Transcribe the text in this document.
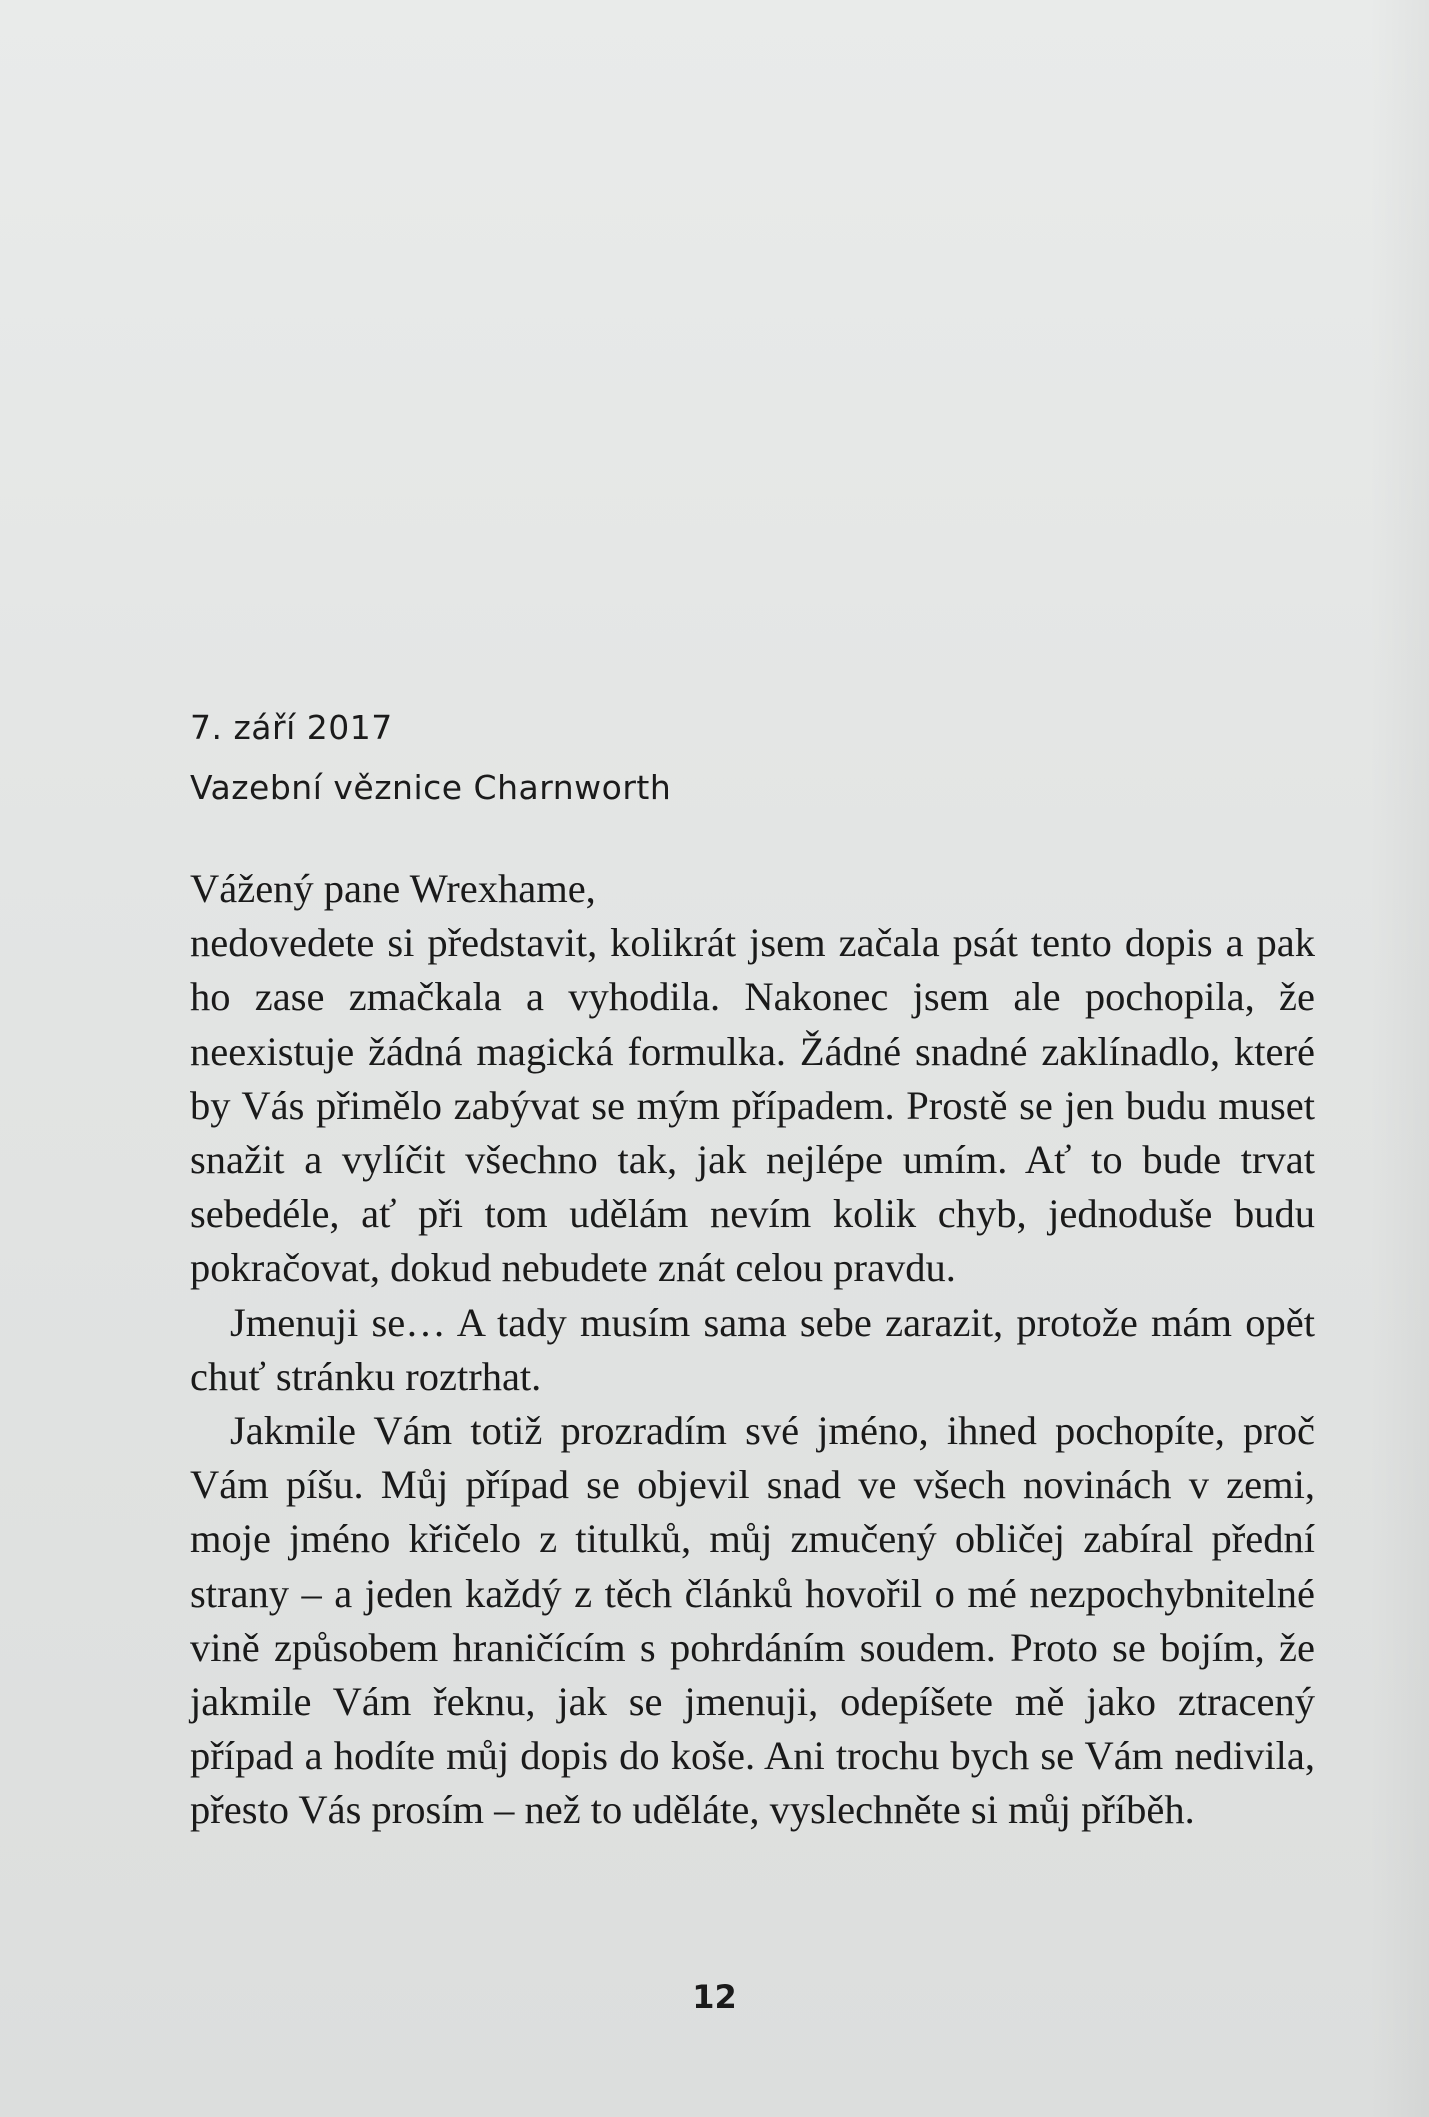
7. září 2017
Vazební věznice Charnworth
Vážený pane Wrexhame,

nedovedete si představit, kolikrát jsem začala psát tento dopis a pak ho zase zmačkala a vyhodila. Nakonec jsem ale pochopila, že neexistuje žádná magická formulka. Žádné snadné zaklínadlo, které by Vás přimělo zabývat se mým případem. Prostě se jen budu muset snažit a vylíčit všechno tak, jak nejlépe umím. Ať to bude trvat sebedéle, ať při tom udělám nevím kolik chyb, jednoduše budu pokračovat, dokud nebudete znát celou pravdu.

Jmenuji se… A tady musím sama sebe zarazit, protože mám opět chuť stránku roztrhat.

Jakmile Vám totiž prozradím své jméno, ihned pochopíte, proč Vám píšu. Můj případ se objevil snad ve všech novinách v zemi, moje jméno křičelo z titulků, můj zmučený obličej zabíral přední strany – a jeden každý z těch článků hovořil o mé nezpochybnitelné vině způsobem hraničícím s pohrdáním soudem. Proto se bojím, že jakmile Vám řeknu, jak se jmenuji, odepíšete mě jako ztracený případ a hodíte můj dopis do koše. Ani trochu bych se Vám nedivila, přesto Vás prosím – než to uděláte, vyslechněte si můj příběh.

12
